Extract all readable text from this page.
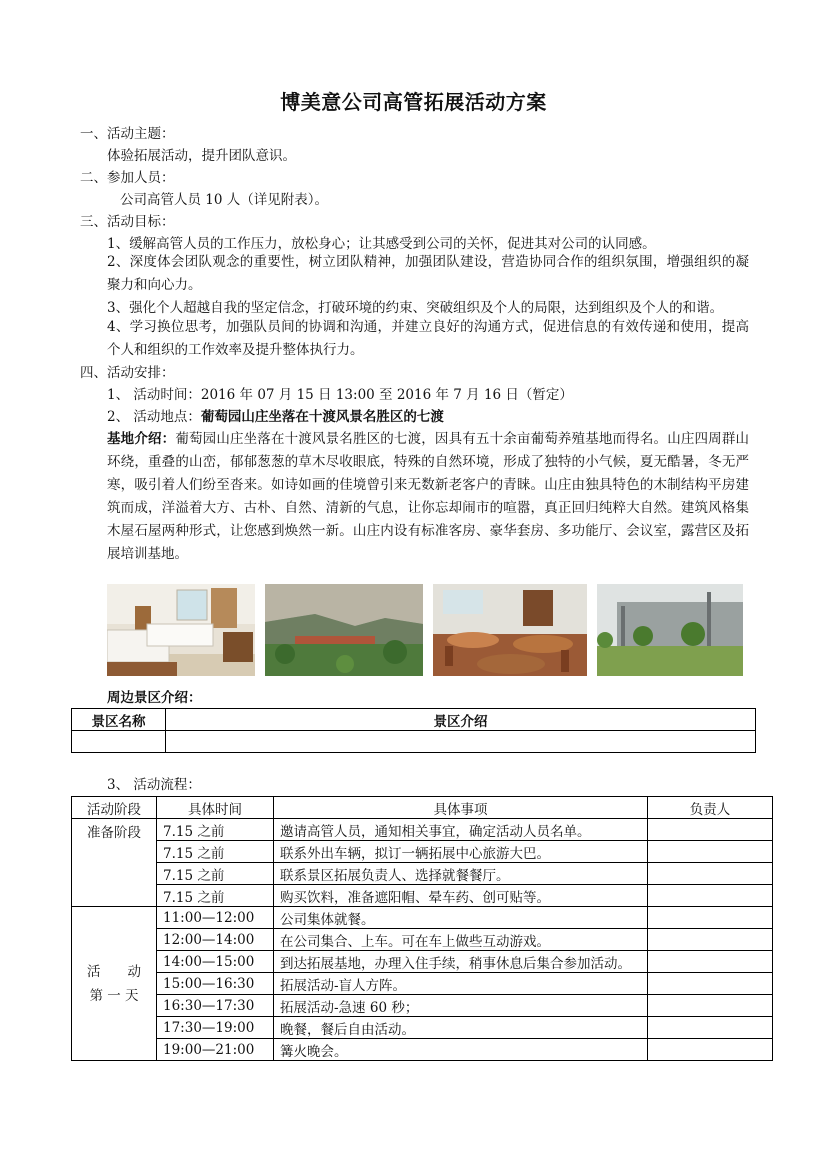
博美意公司高管拓展活动方案
一、活动主题：
体验拓展活动，提升团队意识。
二、参加人员：
公司高管人员 10 人（详见附表）。
三、活动目标：
1、缓解高管人员的工作压力，放松身心；让其感受到公司的关怀，促进其对公司的认同感。
2、深度体会团队观念的重要性，树立团队精神，加强团队建设，营造协同合作的组织氛围，增强组织的凝聚力和向心力。
3、强化个人超越自我的坚定信念，打破环境的约束、突破组织及个人的局限，达到组织及个人的和谐。
4、学习换位思考，加强队员间的协调和沟通，并建立良好的沟通方式，促进信息的有效传递和使用，提高个人和组织的工作效率及提升整体执行力。
四、活动安排：
1、 活动时间：2016 年 07 月 15 日 13:00 至 2016 年 7 月 16 日（暂定）
2、 活动地点：葡萄园山庄坐落在十渡风景名胜区的七渡
基地介绍：葡萄园山庄坐落在十渡风景名胜区的七渡，因具有五十余亩葡萄养殖基地而得名。山庄四周群山环绕，重叠的山峦，郁郁葱葱的草木尽收眼底，特殊的自然环境，形成了独特的小气候，夏无酷暑，冬无严寒，吸引着人们纷至沓来。如诗如画的佳境曾引来无数新老客户的青睐。山庄由独具特色的木制结构平房建筑而成，洋溢着大方、古朴、自然、清新的气息，让你忘却闹市的喧嚣，真正回归纯粹大自然。建筑风格集木屋石屋两种形式，让您感到焕然一新。山庄内设有标准客房、豪华套房、多功能厅、会议室，露营区及拓展培训基地。
周边景区介绍：
景区名称	景区介绍

3、 活动流程：
活动阶段	具体时间	具体事项	负责人
准备阶段	7.15 之前	邀请高管人员，通知相关事宜，确定活动人员名单。	
	7.15 之前	联系外出车辆，拟订一辆拓展中心旅游大巴。	
	7.15 之前	联系景区拓展负责人、选择就餐餐厅。	
	7.15 之前	购买饮料，准备遮阳帽、晕车药、创可贴等。	

活　　动
第 一 天	11:00—12:00	公司集体就餐。	
	12:00—14:00	在公司集合、上车。可在车上做些互动游戏。	
	14:00—15:00	到达拓展基地，办理入住手续，稍事休息后集合参加活动。	
	15:00—16:30	拓展活动-盲人方阵。	
	16:30—17:30	拓展活动-急速 60 秒；	
	17:30—19:00	晚餐，餐后自由活动。	
	19:00—21:00	篝火晚会。	
